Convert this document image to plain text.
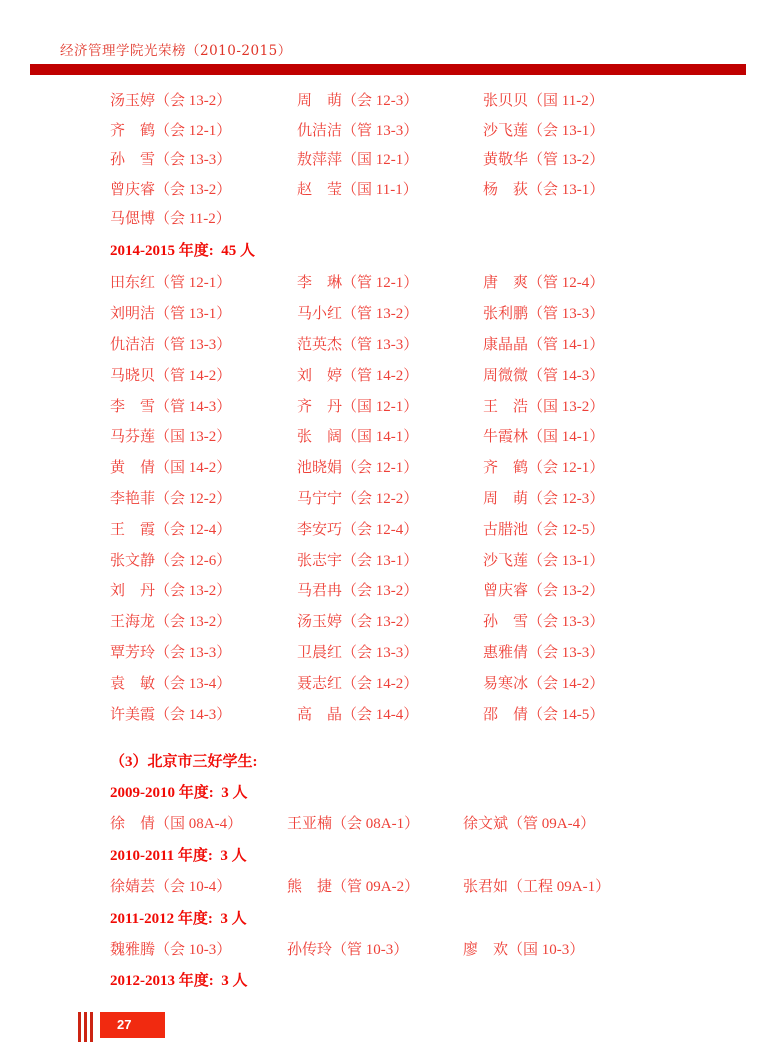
经济管理学院光荣榜（2010-2015）
汤玉婷（会 13-2）	周　萌（会 12-3）	张贝贝（国 11-2）
齐　鹤（会 12-1）	仇洁洁（管 13-3）	沙飞莲（会 13-1）
孙　雪（会 13-3）	敖萍萍（国 12-1）	黄敬华（管 13-2）
曾庆睿（会 13-2）	赵　莹（国 11-1）	杨　荻（会 13-1）
马偲博（会 11-2）
2014-2015 年度:  45 人
田东红（管 12-1）	李　琳（管 12-1）	唐　爽（管 12-4）
刘明洁（管 13-1）	马小红（管 13-2）	张利鹏（管 13-3）
仇洁洁（管 13-3）	范英杰（管 13-3）	康晶晶（管 14-1）
马晓贝（管 14-2）	刘　婷（管 14-2）	周微微（管 14-3）
李　雪（管 14-3）	齐　丹（国 12-1）	王　浩（国 13-2）
马芬莲（国 13-2）	张　阔（国 14-1）	牛霞林（国 14-1）
黄　倩（国 14-2）	池晓娟（会 12-1）	齐　鹤（会 12-1）
李艳菲（会 12-2）	马宁宁（会 12-2）	周　萌（会 12-3）
王　霞（会 12-4）	李安巧（会 12-4）	古腊池（会 12-5）
张文静（会 12-6）	张志宇（会 13-1）	沙飞莲（会 13-1）
刘　丹（会 13-2）	马君冉（会 13-2）	曾庆睿（会 13-2）
王海龙（会 13-2）	汤玉婷（会 13-2）	孙　雪（会 13-3）
覃芳玲（会 13-3）	卫晨红（会 13-3）	惠雅倩（会 13-3）
袁　敏（会 13-4）	聂志红（会 14-2）	易寒冰（会 14-2）
许美霞（会 14-3）	高　晶（会 14-4）	邵　倩（会 14-5）
（3）北京市三好学生:
2009-2010 年度:  3 人
徐　倩（国 08A-4）	王亚楠（会 08A-1）	徐文斌（管 09A-4）
2010-2011 年度:  3 人
徐婧芸（会 10-4）	熊　捷（管 09A-2）	张君如（工程 09A-1）
2011-2012 年度:  3 人
魏雅腾（会 10-3）	孙传玲（管 10-3）	廖　欢（国 10-3）
2012-2013 年度:  3 人
27
